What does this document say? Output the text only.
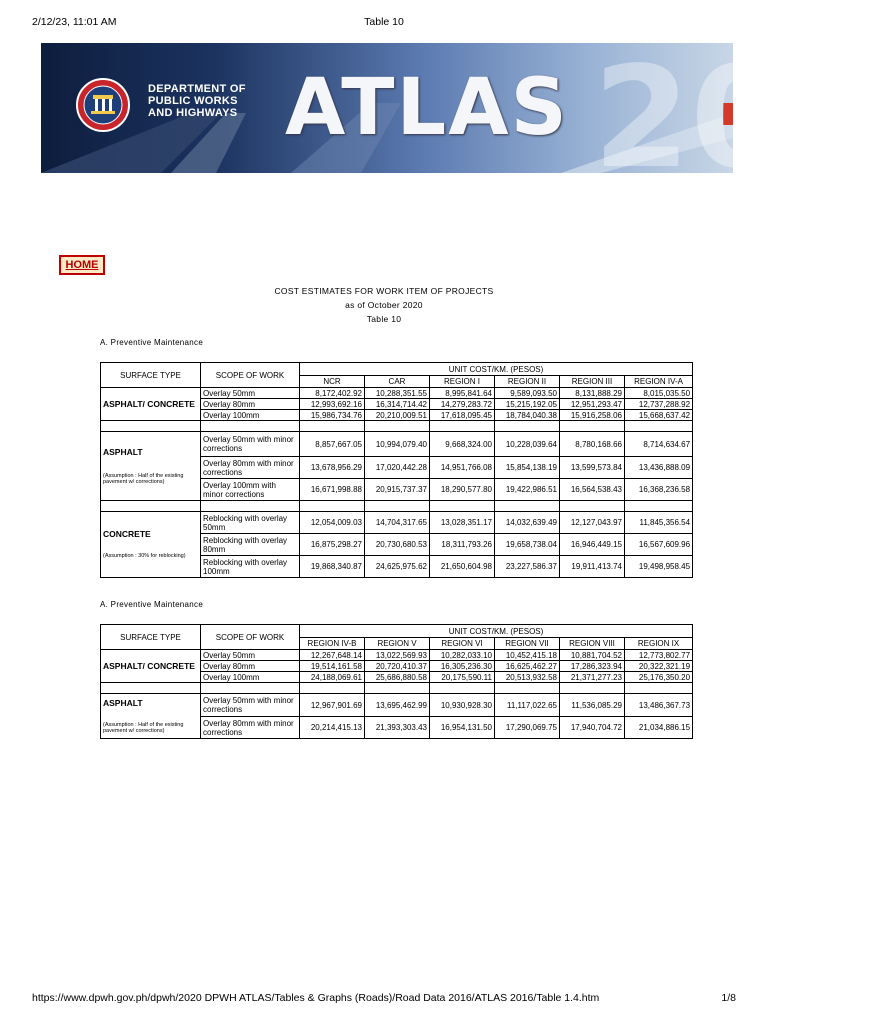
2/12/23, 11:01 AM	Table 10
DEPARTMENT OF
PUBLIC WORKS
AND HIGHWAYS	202
ATLAS
HOME
COST ESTIMATES FOR WORK ITEM OF PROJECTS
as of October 2020
Table 10
A. Preventive Maintenance
SURFACE TYPE	SCOPE OF WORK	UNIT COST/KM. (PESOS)					
		NCR	CAR	REGION I	REGION II	REGION III	REGION IV-A
ASPHALT/ CONCRETE	Overlay 50mm	8,172,402.92	10,288,351.55	8,995,841.64	9,589,093.50	8,131,888.29	8,015,035.50
	Overlay 80mm	12,993,692.16	16,314,714.42	14,279,283.72	15,215,192.05	12,951,293.47	12,737,288.92
	Overlay 100mm	15,986,734.76	20,210,009.51	17,618,095.45	18,784,040.38	15,916,258.06	15,668,637.42

ASPHALT
(Assumption : Half of the existing pavement w/ corrections)	Overlay 50mm with minor corrections	8,857,667.05	10,994,079.40	9,668,324.00	10,228,039.64	8,780,168.66	8,714,634.67
	Overlay 80mm with minor corrections	13,678,956.29	17,020,442.28	14,951,766.08	15,854,138.19	13,599,573.84	13,436,888.09
	Overlay 100mm with minor corrections	16,671,998.88	20,915,737.37	18,290,577.80	19,422,986.51	16,564,538.43	16,368,236.58

CONCRETE
(Assumption : 30% for reblocking)	Reblocking with overlay 50mm	12,054,009.03	14,704,317.65	13,028,351.17	14,032,639.49	12,127,043.97	11,845,356.54
	Reblocking with overlay 80mm	16,875,298.27	20,730,680.53	18,311,793.26	19,658,738.04	16,946,449.15	16,567,609.96
	Reblocking with overlay 100mm	19,868,340.87	24,625,975.62	21,650,604.98	23,227,586.37	19,911,413.74	19,498,958.45
A. Preventive Maintenance
SURFACE TYPE	SCOPE OF WORK	UNIT COST/KM. (PESOS)					
		REGION IV-B	REGION V	REGION VI	REGION VII	REGION VIII	REGION IX
ASPHALT/ CONCRETE	Overlay 50mm	12,267,648.14	13,022,569.93	10,282,033.10	10,452,415.18	10,881,704.52	12,773,802.77
	Overlay 80mm	19,514,161.58	20,720,410.37	16,305,236.30	16,625,462.27	17,286,323.94	20,322,321.19
	Overlay 100mm	24,188,069.61	25,686,880.58	20,175,590.11	20,513,932.58	21,371,277.23	25,176,350.20

ASPHALT
(Assumption : Half of the existing pavement w/ corrections)	Overlay 50mm with minor corrections	12,967,901.69	13,695,462.99	10,930,928.30	11,117,022.65	11,536,085.29	13,486,367.73
	Overlay 80mm with minor corrections	20,214,415.13	21,393,303.43	16,954,131.50	17,290,069.75	17,940,704.72	21,034,886.15
https://www.dpwh.gov.ph/dpwh/2020 DPWH ATLAS/Tables & Graphs (Roads)/Road Data 2016/ATLAS 2016/Table 1.4.htm	1/8
